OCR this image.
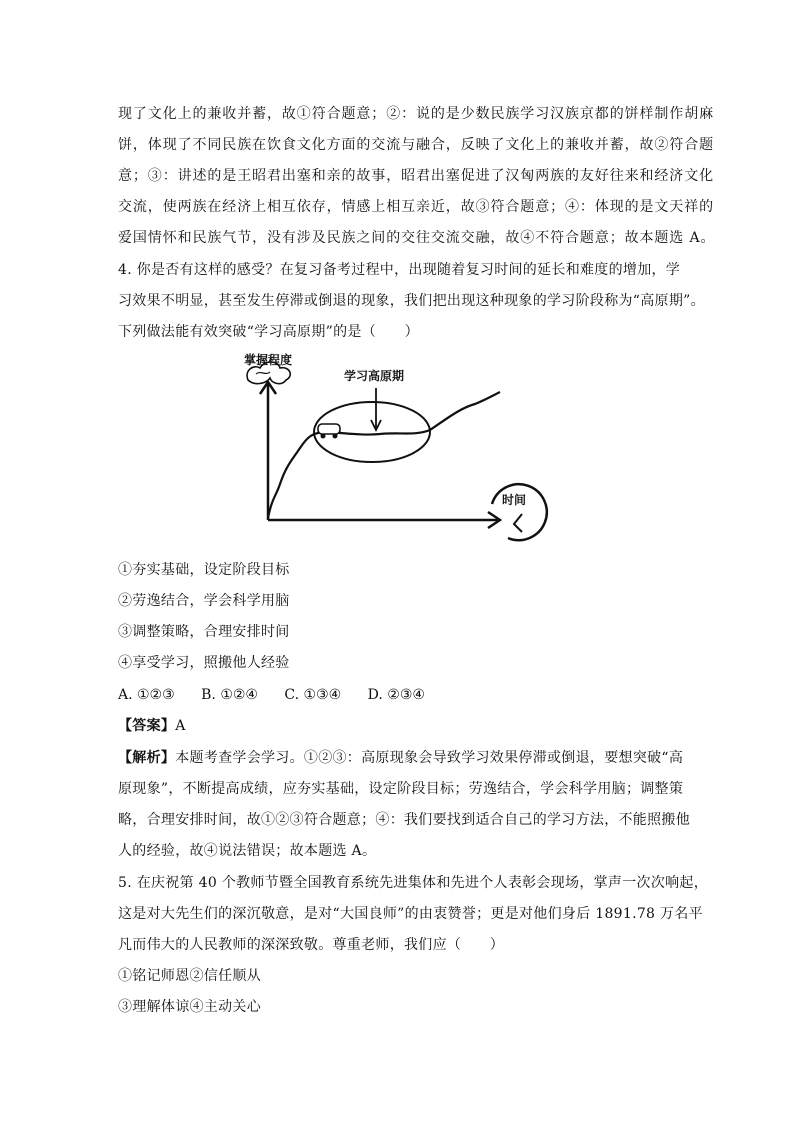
现了文化上的兼收并蓄，故①符合题意；②：说的是少数民族学习汉族京都的饼样制作胡麻
饼，体现了不同民族在饮食文化方面的交流与融合，反映了文化上的兼收并蓄，故②符合题
意；③：讲述的是王昭君出塞和亲的故事，昭君出塞促进了汉匈两族的友好往来和经济文化
交流，使两族在经济上相互依存，情感上相互亲近，故③符合题意；④：体现的是文天祥的
爱国情怀和民族气节，没有涉及民族之间的交往交流交融，故④不符合题意；故本题选 A。
4. 你是否有这样的感受？在复习备考过程中，出现随着复习时间的延长和难度的增加，学
习效果不明显，甚至发生停滞或倒退的现象，我们把出现这种现象的学习阶段称为“高原期”。
下列做法能有效突破“学习高原期”的是（　　）
掌握程度
时间
学习高原期
①夯实基础，设定阶段目标
②劳逸结合，学会科学用脑
③调整策略，合理安排时间
④享受学习，照搬他人经验
A. ①②③ B. ①②④ C. ①③④ D. ②③④
【答案】A
【解析】本题考查学会学习。①②③：高原现象会导致学习效果停滞或倒退，要想突破“高
原现象”，不断提高成绩，应夯实基础，设定阶段目标；劳逸结合，学会科学用脑；调整策
略，合理安排时间，故①②③符合题意；④：我们要找到适合自己的学习方法，不能照搬他
人的经验，故④说法错误；故本题选 A。
5. 在庆祝第 40 个教师节暨全国教育系统先进集体和先进个人表彰会现场，掌声一次次响起，
这是对大先生们的深沉敬意，是对“大国良师”的由衷赞誉；更是对他们身后 1891.78 万名平
凡而伟大的人民教师的深深致敬。尊重老师，我们应（　　）
①铭记师恩②信任顺从
③理解体谅④主动关心
